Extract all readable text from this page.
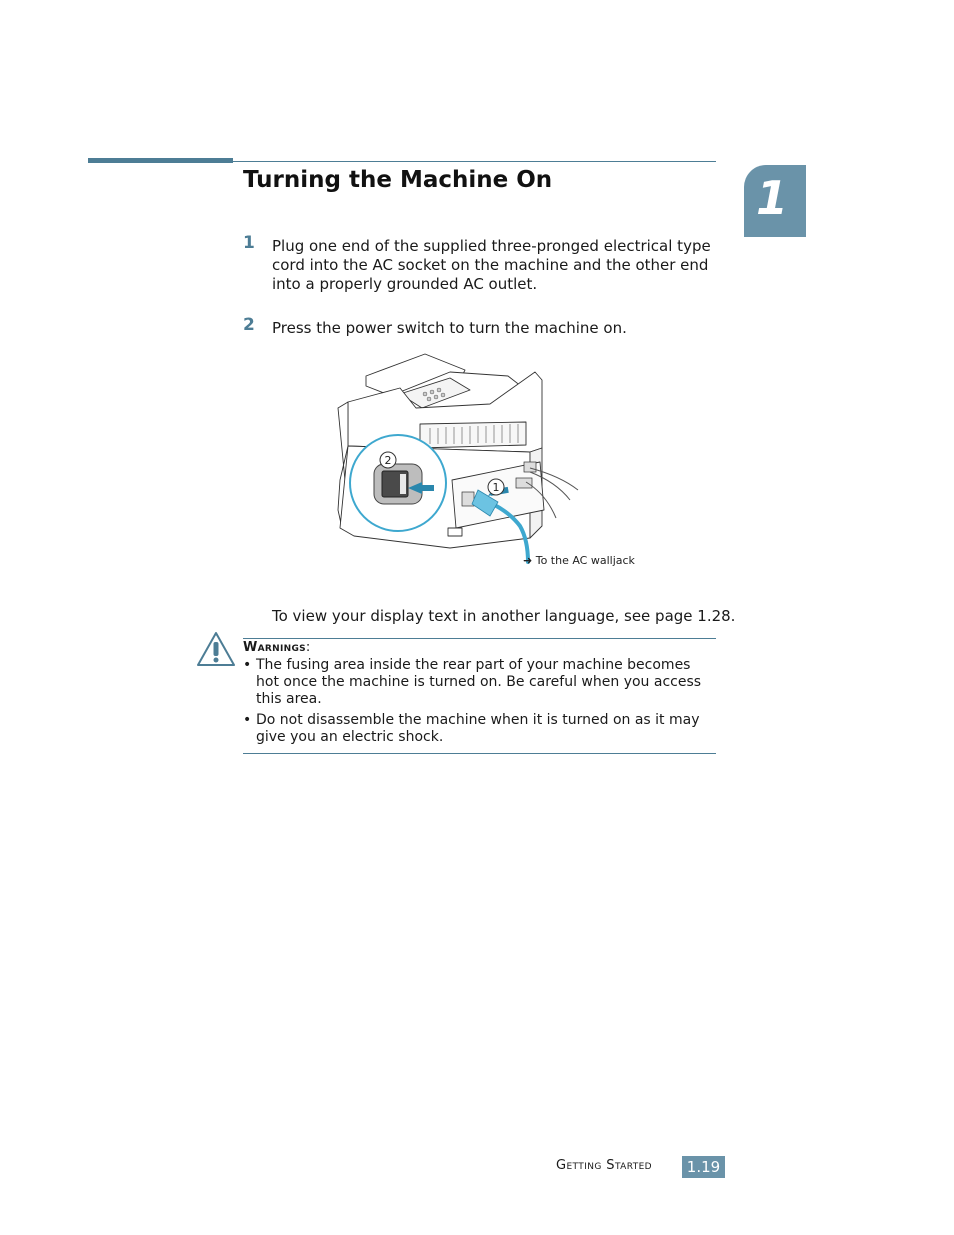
1
Turning the Machine On
1 Plug one end of the supplied three-pronged electrical type cord into the AC socket on the machine and the other end into a properly grounded AC outlet.
2 Press the power switch to turn the machine on.
2
1
➜ To the AC walljack
To view your display text in another language, see page 1.28.
Warnings:
• The fusing area inside the rear part of your machine becomes hot once the machine is turned on. Be careful when you access this area.
• Do not disassemble the machine when it is turned on as it may give you an electric shock.
Getting Started	1.19
